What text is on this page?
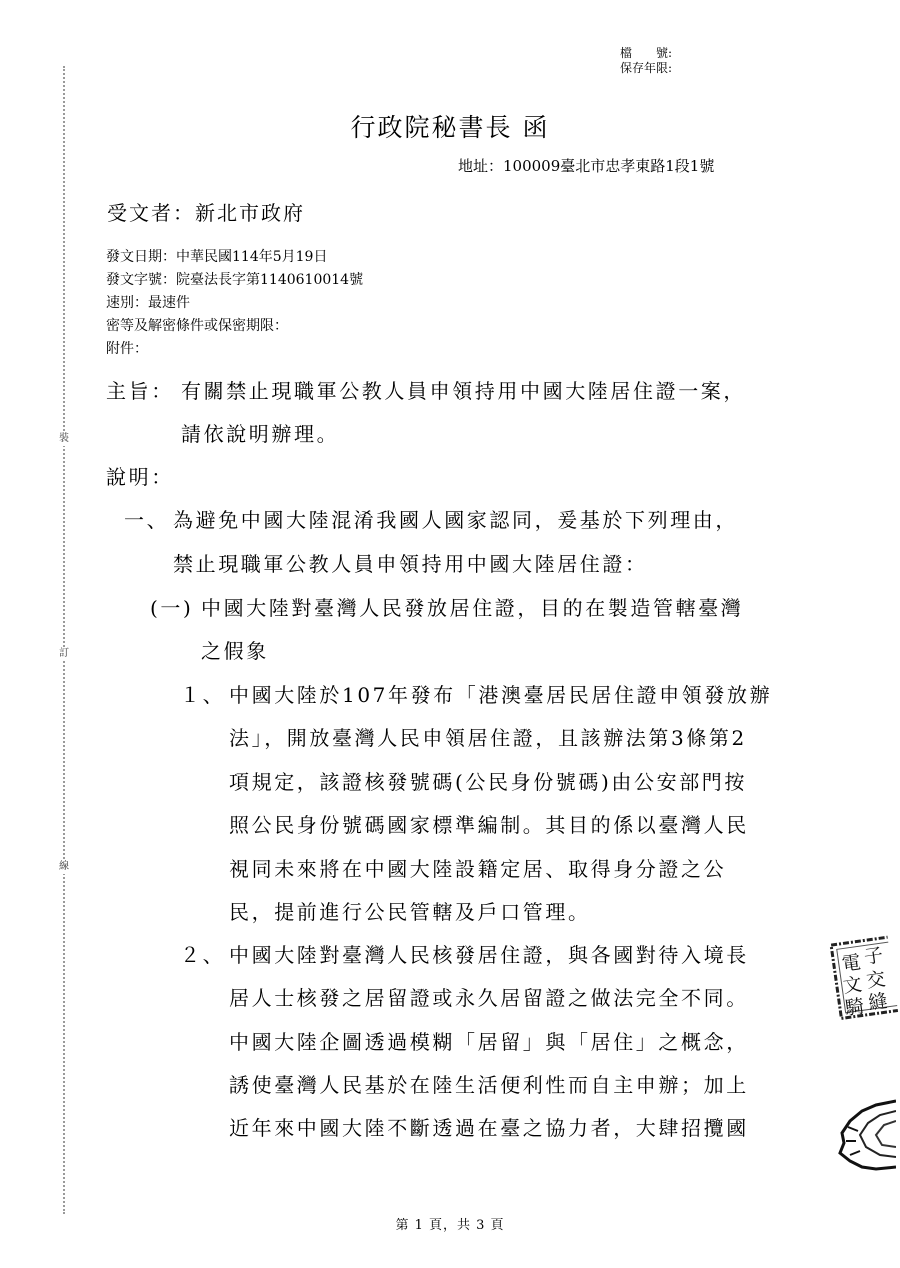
裝
訂
線
檔　　號:
保存年限:
行政院秘書長 函
地址：100009臺北市忠孝東路1段1號
受文者：新北市政府
發文日期：中華民國114年5月19日
發文字號：院臺法長字第1140610014號
速別：最速件
密等及解密條件或保密期限：
附件：
主旨： 有關禁止現職軍公教人員申領持用中國大陸居住證一案，
請依說明辦理。
說明：
一、 為避免中國大陸混淆我國人國家認同，爰基於下列理由，
禁止現職軍公教人員申領持用中國大陸居住證：
(一) 中國大陸對臺灣人民發放居住證，目的在製造管轄臺灣
之假象
１、 中國大陸於107年發布「港澳臺居民居住證申領發放辦
法」，開放臺灣人民申領居住證，且該辦法第3條第2
項規定，該證核發號碼(公民身份號碼)由公安部門按
照公民身份號碼國家標準編制。其目的係以臺灣人民
視同未來將在中國大陸設籍定居、取得身分證之公
民，提前進行公民管轄及戶口管理。
２、 中國大陸對臺灣人民核發居住證，與各國對待入境長
居人士核發之居留證或永久居留證之做法完全不同。
中國大陸企圖透過模糊「居留」與「居住」之概念，
誘使臺灣人民基於在陸生活便利性而自主申辦；加上
近年來中國大陸不斷透過在臺之協力者，大肆招攬國
電 子
文 交
騎 縫
第 1 頁，共 3 頁
